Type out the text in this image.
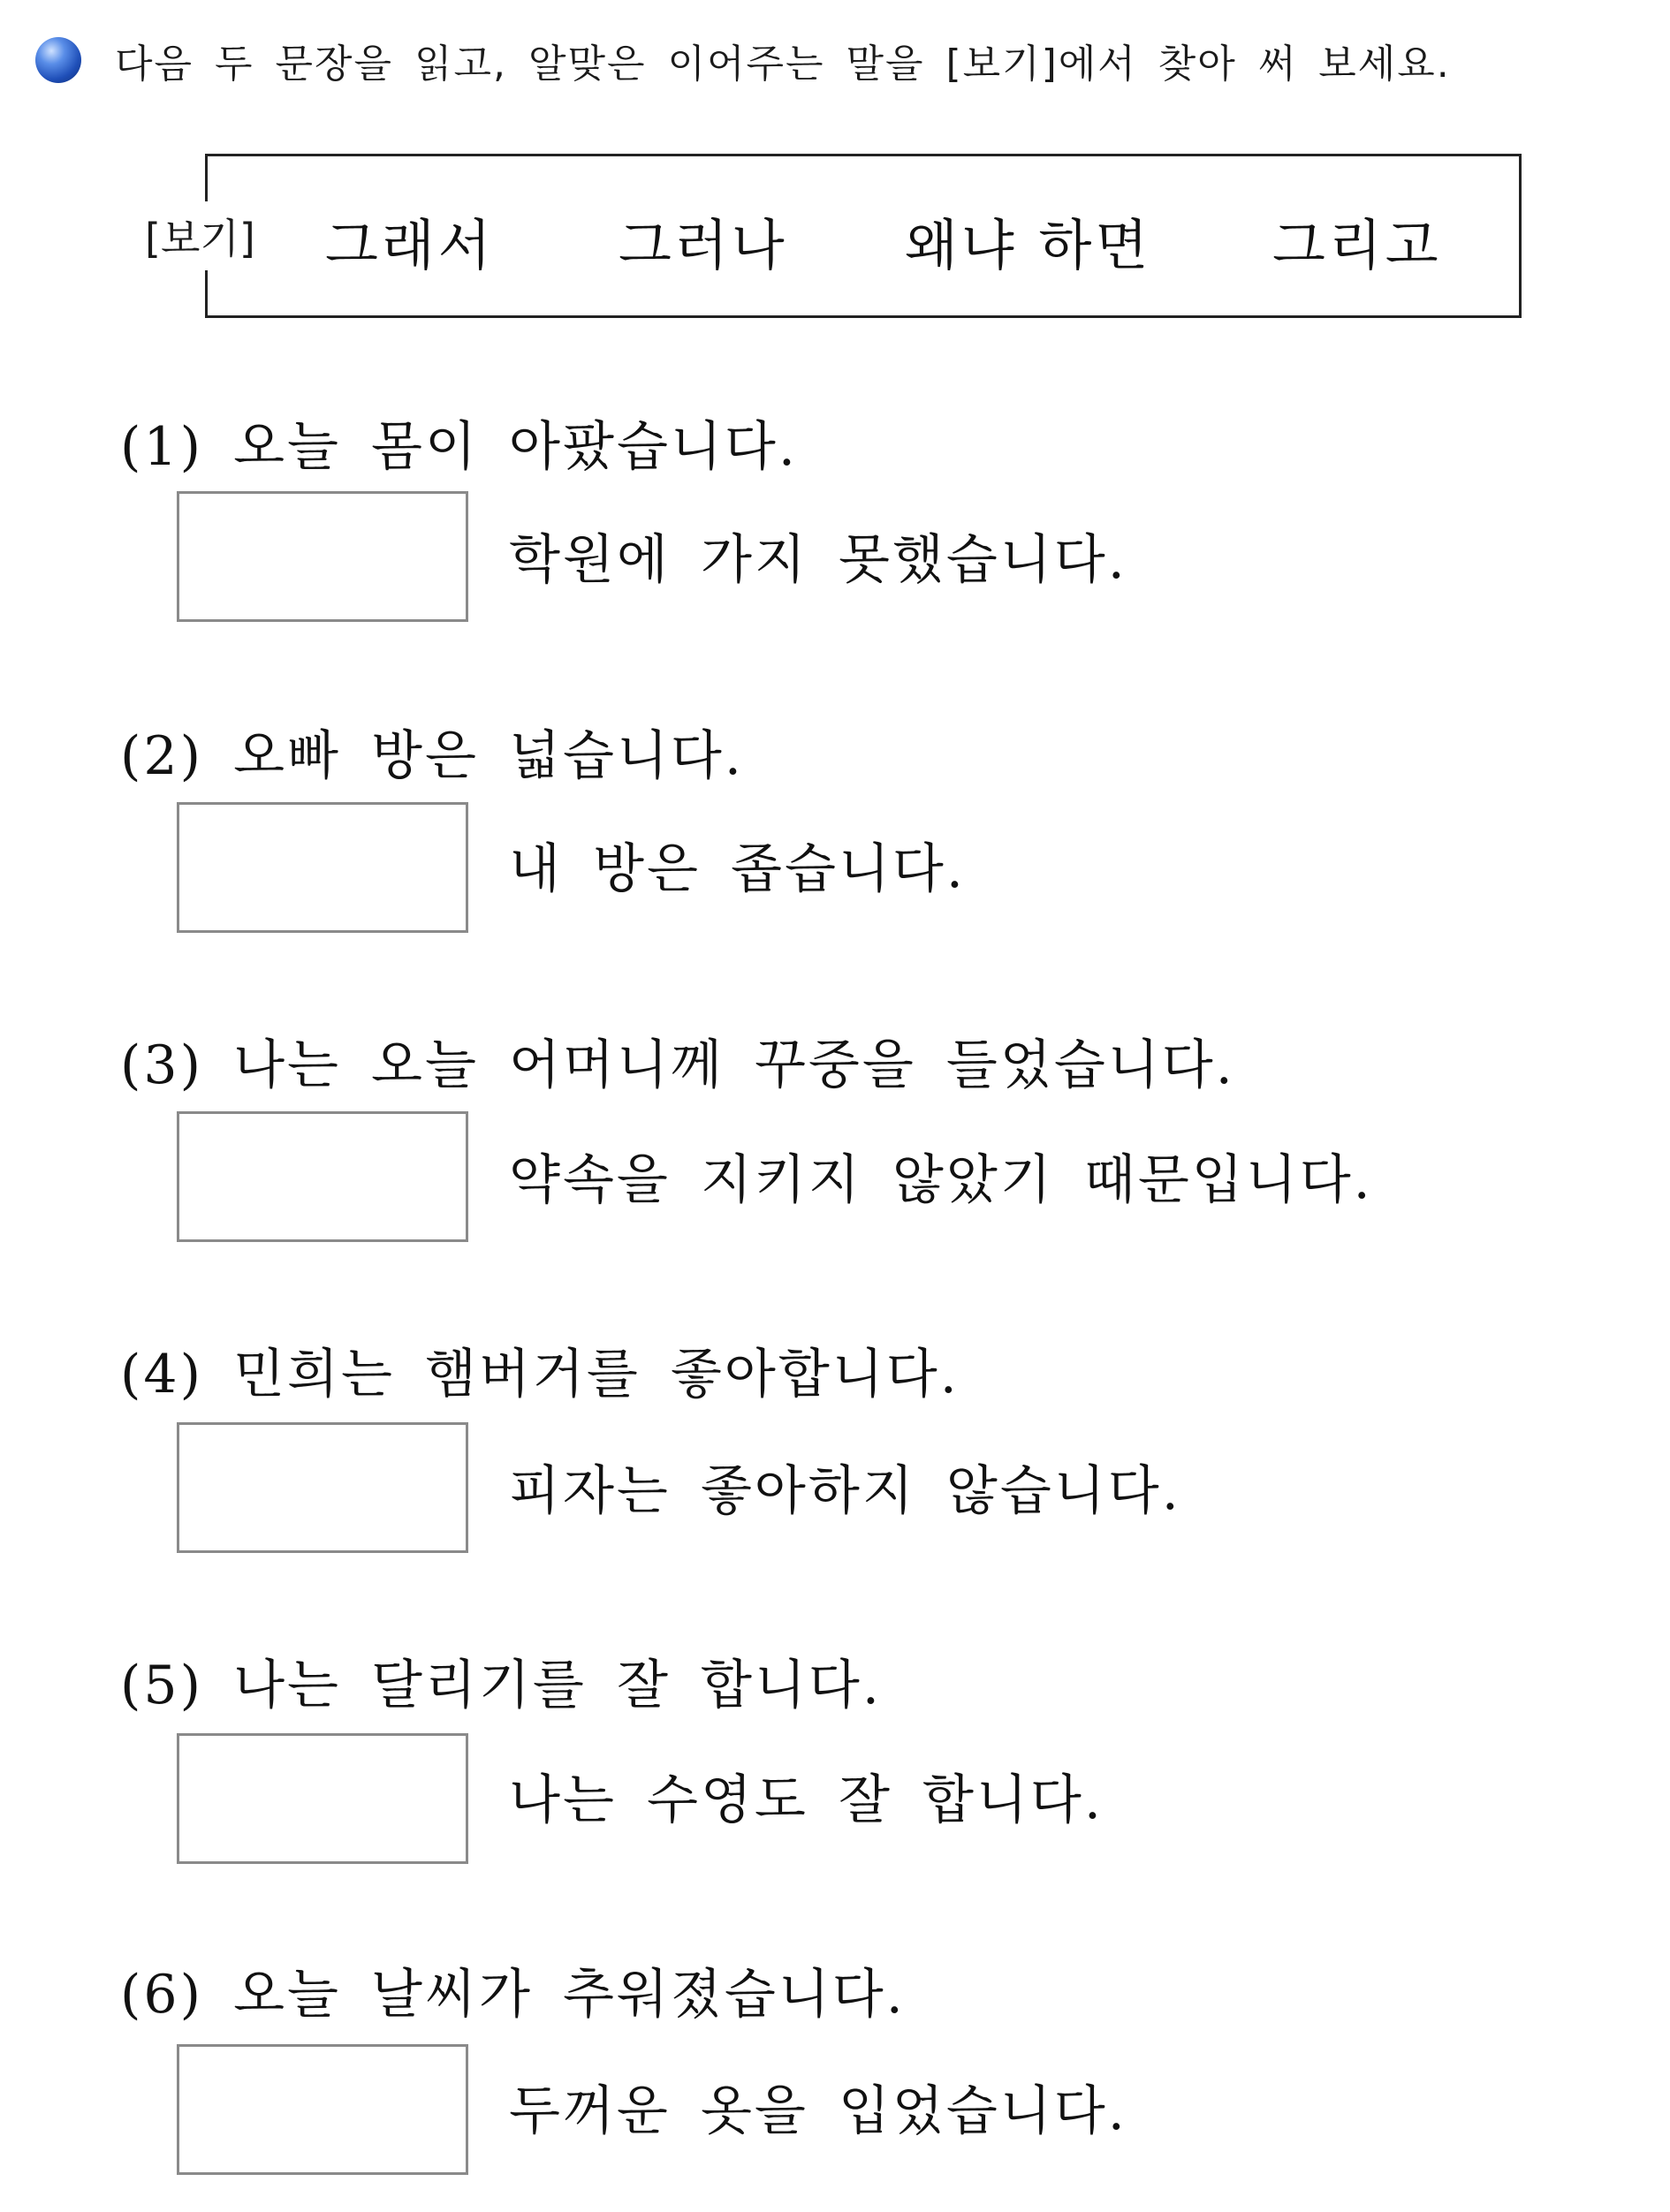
다음 두 문장을 읽고, 알맞은 이어주는 말을 [보기]에서 찾아 써 보세요.
[보기] 그래서 그러나 왜냐 하면 그리고
(1) 오늘 몸이 아팠습니다.
학원에 가지 못했습니다.
(2) 오빠 방은 넓습니다.
내 방은 좁습니다.
(3) 나는 오늘 어머니께 꾸중을 들었습니다.
약속을 지키지 않았기 때문입니다.
(4) 민희는 햄버거를 좋아합니다.
피자는 좋아하지 않습니다.
(5) 나는 달리기를 잘 합니다.
나는 수영도 잘 합니다.
(6) 오늘 날씨가 추워졌습니다.
두꺼운 옷을 입었습니다.
